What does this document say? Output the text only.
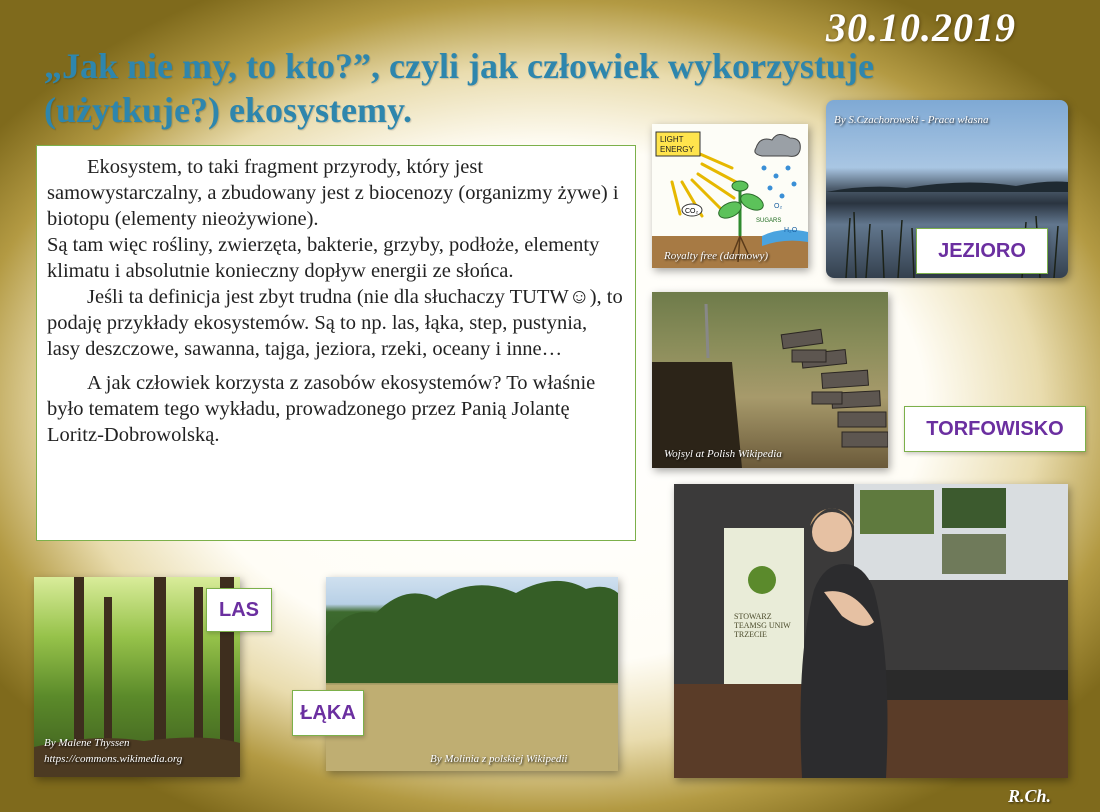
30.10.2019
„Jak nie my, to kto?”, czyli jak człowiek wykorzystuje
(użytkuje?) ekosystemy.

Ekosystem, to taki fragment przyrody, który jest samowystarczalny, a zbudowany jest z biocenozy (organizmy żywe) i biotopu (elementy nieożywione).

Są tam więc rośliny, zwierzęta, bakterie, grzyby, podłoże, elementy klimatu i absolutnie konieczny dopływ energii ze słońca.

Jeśli ta definicja jest zbyt trudna (nie dla słuchaczy TUTW☺), to podaję przykłady ekosystemów. Są to np. las, łąka, step, pustynia, lasy deszczowe, sawanna, tajga, jeziora, rzeki, oceany i inne…

A jak człowiek korzysta z zasobów ekosystemów? To właśnie było tematem tego wykładu, prowadzonego przez Panią Jolantę Loritz-Dobrowolską.

LIGHT
ENERGY
CO₂
O₂
SUGARS
H₂O
Royalty free (darmowy)
By S.Czachorowski - Praca własna
JEZIORO
Wojsyl at Polish Wikipedia
TORFOWISKO
STOWARZ TEAMSG UNIW TRZECIE
By Malene Thyssen
https://commons.wikimedia.org
LAS
By Molinia z polskiej Wikipedii
ŁĄKA
R.Ch.
